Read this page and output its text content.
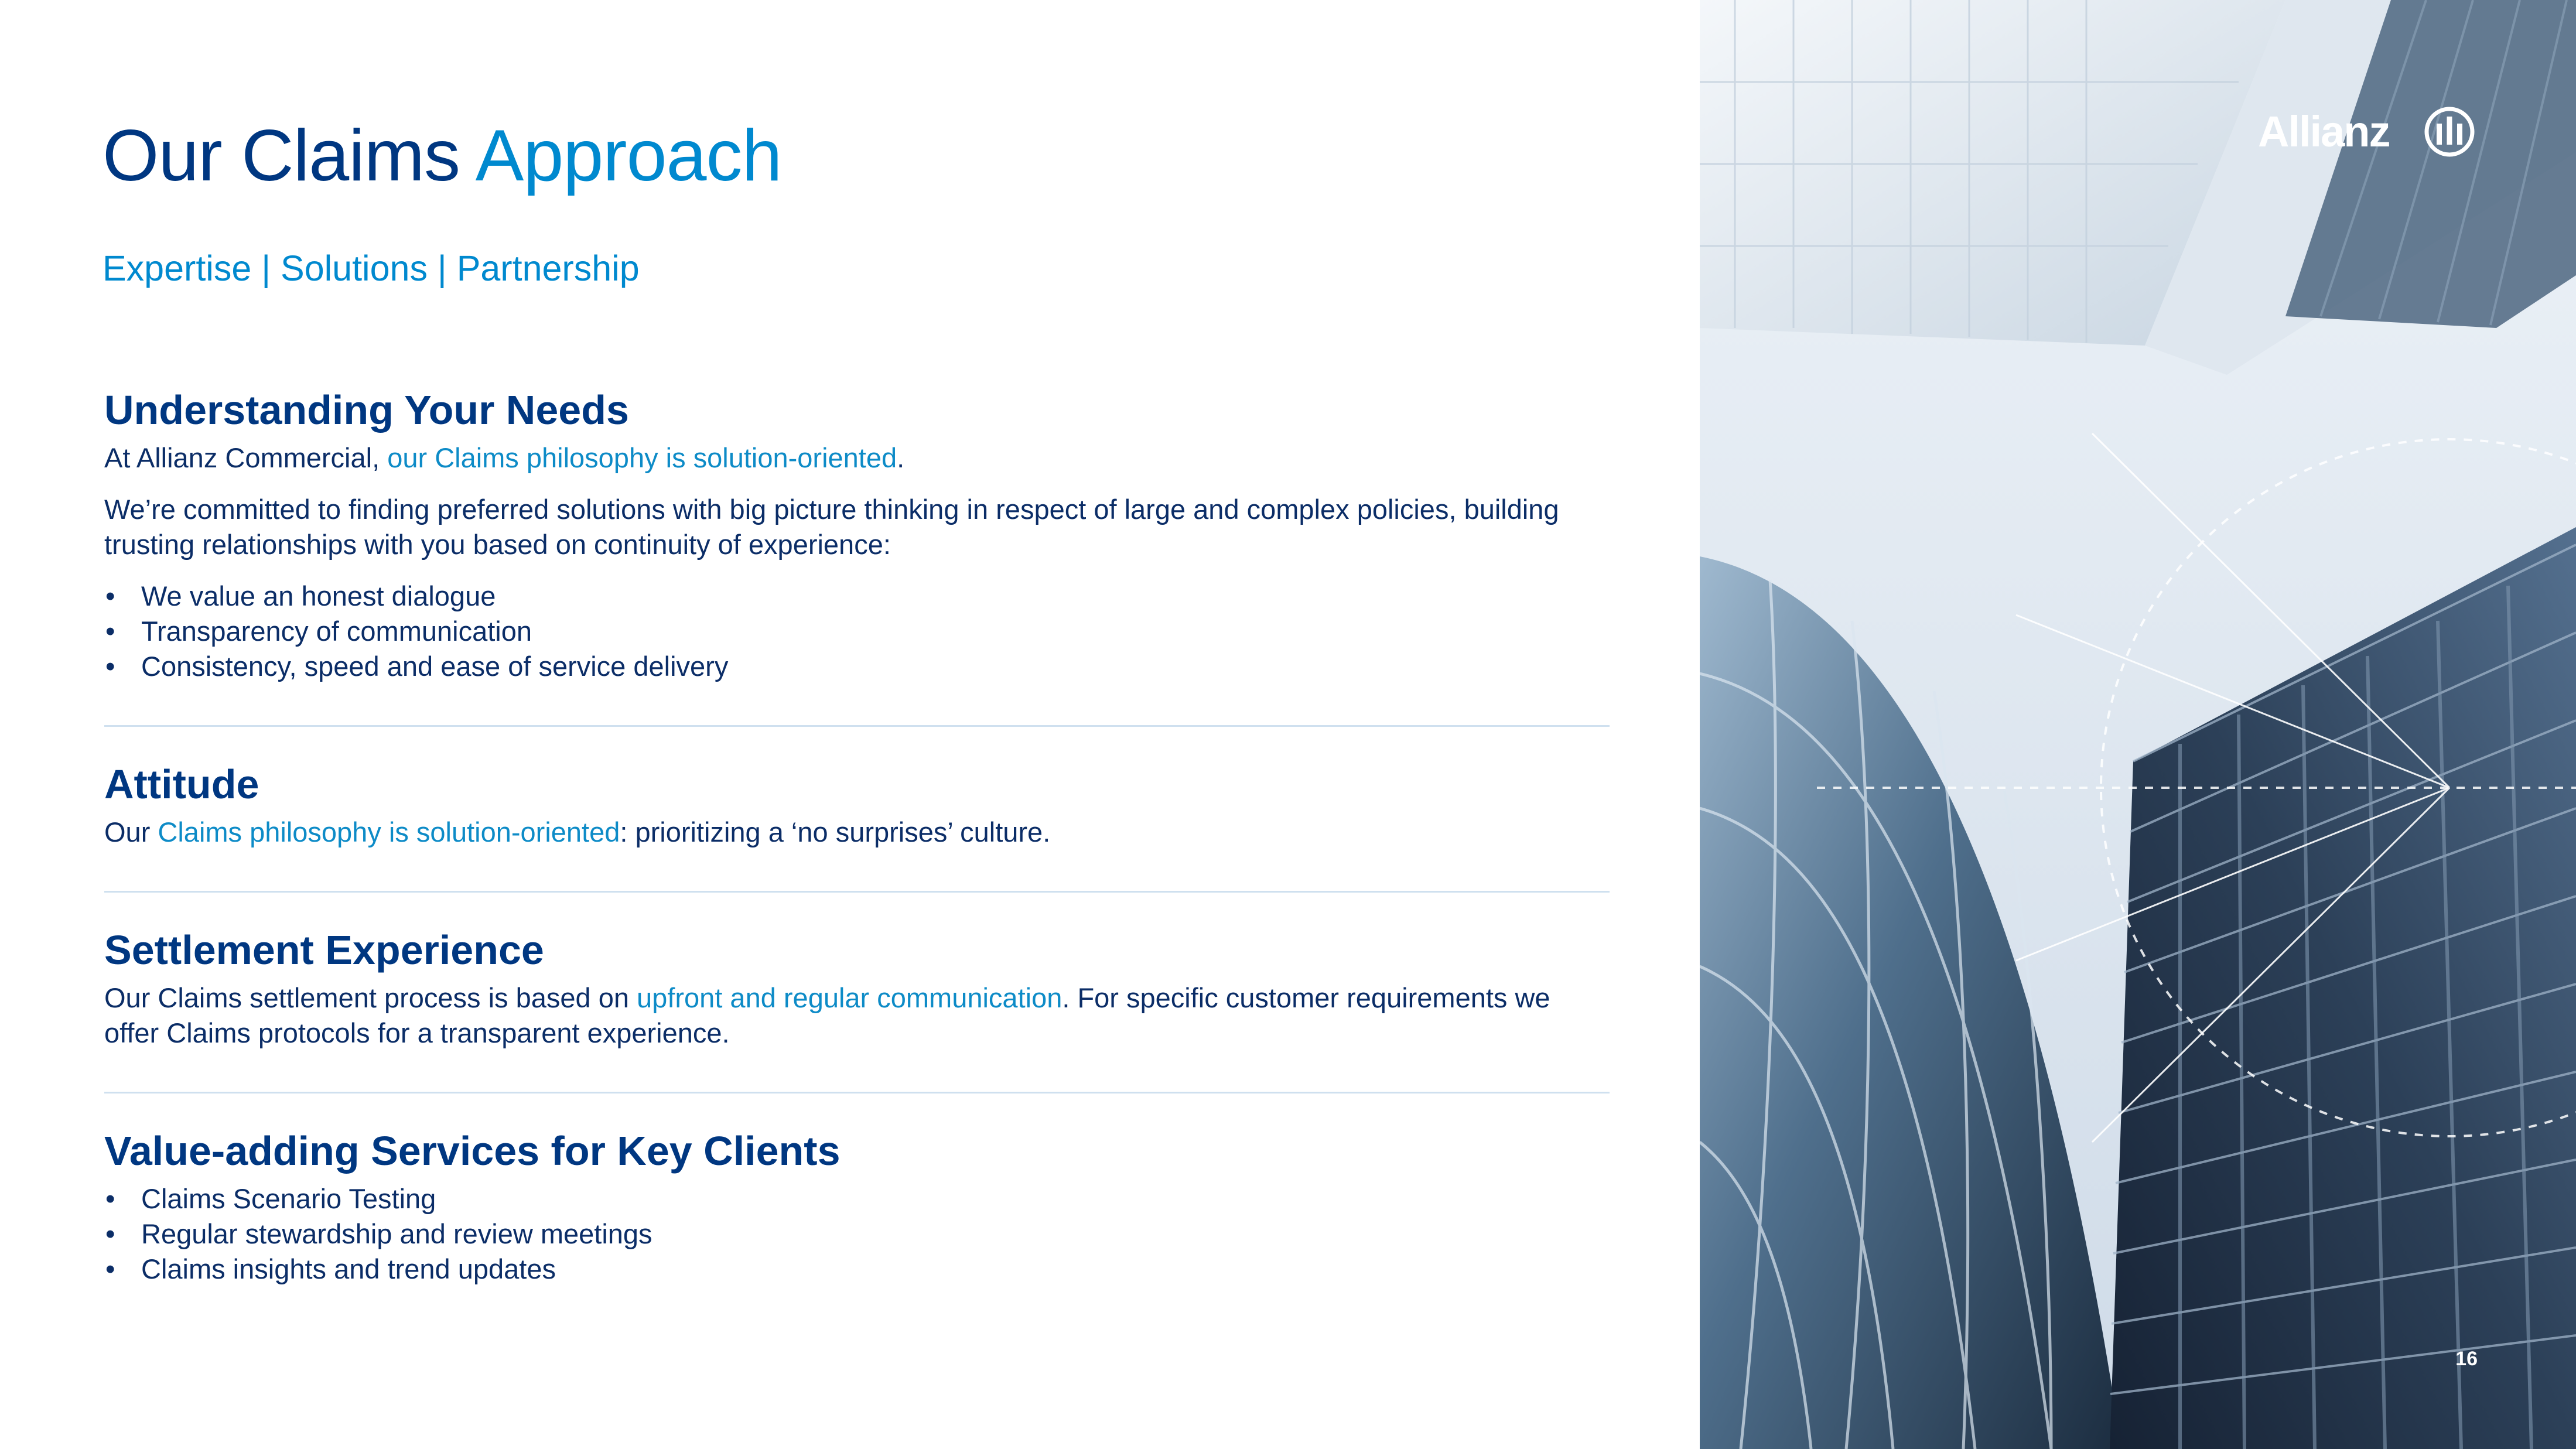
Our Claims Approach
Expertise | Solutions | Partnership
Understanding Your Needs

At Allianz Commercial, our Claims philosophy is solution-oriented.

We’re committed to finding preferred solutions with big picture thinking in respect of large and complex policies, building trusting relationships with you based on continuity of experience:

• We value an honest dialogue
• Transparency of communication
• Consistency, speed and ease of service delivery
Attitude

Our Claims philosophy is solution-oriented: prioritizing a ‘no surprises’ culture.

Settlement Experience

Our Claims settlement process is based on upfront and regular communication. For specific customer requirements we offer Claims protocols for a transparent experience.

Value-adding Services for Key Clients
• Claims Scenario Testing
• Regular stewardship and review meetings
• Claims insights and trend updates
Allianz
16
